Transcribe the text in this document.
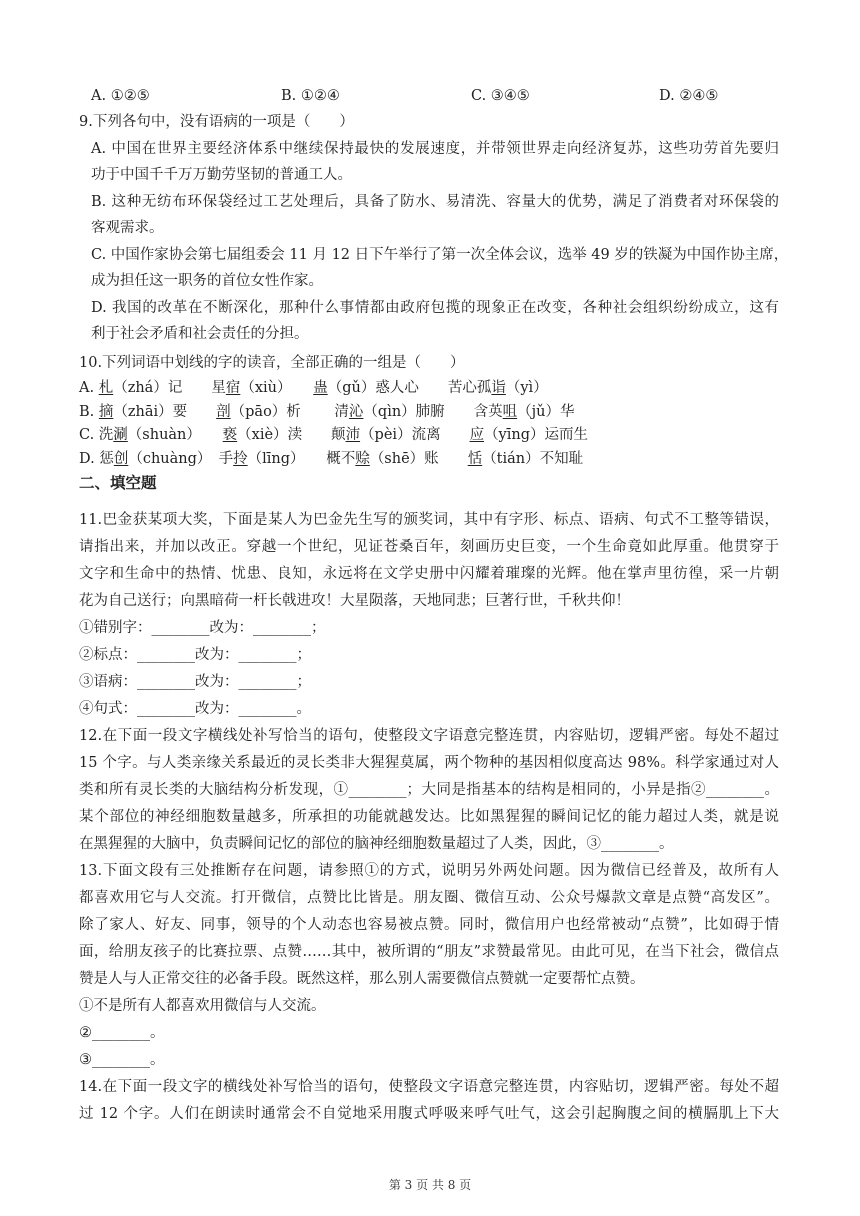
A. ①②⑤	B. ①②④	C. ③④⑤	D. ②④⑤
9.下列各句中，没有语病的一项是（　　）
A. 中国在世界主要经济体系中继续保持最快的发展速度，并带领世界走向经济复苏，这些功劳首先要归
功于中国千千万万勤劳坚韧的普通工人。
B. 这种无纺布环保袋经过工艺处理后，具备了防水、易清洗、容量大的优势，满足了消费者对环保袋的
客观需求。
C. 中国作家协会第七届组委会 11 月 12 日下午举行了第一次全体会议，选举 49 岁的铁凝为中国作协主席，
成为担任这一职务的首位女性作家。
D. 我国的改革在不断深化，那种什么事情都由政府包揽的现象正在改变，各种社会组织纷纷成立，这有
利于社会矛盾和社会责任的分担。
10.下列词语中划线的字的读音，全部正确的一组是（　　）
A. 札（zhá）记　　星宿（xiù）　　蛊（gǔ）惑人心　　苦心孤诣（yì）
B. 摘（zhāi）要　　剖（pāo）析　　 清沁（qìn）肺腑　　含英咀（jǔ）华
C. 洗涮（shuàn）　　亵（xiè）渎　　颠沛（pèi）流离　　应（yīng）运而生
D. 惩创（chuàng）　手拎（līng）　　概不赊（shē）账　　恬（tián）不知耻
二、填空题
11.巴金获某项大奖，下面是某人为巴金先生写的颁奖词，其中有字形、标点、语病、句式不工整等错误，
请指出来，并加以改正。穿越一个世纪，见证苍桑百年，刻画历史巨变，一个生命竟如此厚重。他贯穿于
文字和生命中的热情、忧患、良知，永远将在文学史册中闪耀着璀璨的光辉。他在掌声里彷徨，采一片朝
花为自己送行；向黑暗荷一杆长戟进攻！大星陨落，天地同悲；巨著行世，千秋共仰！
①错别字：________改为：________；
②标点：________改为：________；
③语病：________改为：________；
④句式：________改为：________。
12.在下面一段文字横线处补写恰当的语句，使整段文字语意完整连贯，内容贴切，逻辑严密。每处不超过
15 个字。与人类亲缘关系最近的灵长类非大猩猩莫属，两个物种的基因相似度高达 98%。科学家通过对人
类和所有灵长类的大脑结构分析发现，①________；大同是指基本的结构是相同的，小异是指②________。
某个部位的神经细胞数量越多，所承担的功能就越发达。比如黑猩猩的瞬间记忆的能力超过人类，就是说
在黑猩猩的大脑中，负责瞬间记忆的部位的脑神经细胞数量超过了人类，因此，③________。
13.下面文段有三处推断存在问题，请参照①的方式，说明另外两处问题。因为微信已经普及，故所有人
都喜欢用它与人交流。打开微信，点赞比比皆是。朋友圈、微信互动、公众号爆款文章是点赞“高发区”。
除了家人、好友、同事，领导的个人动态也容易被点赞。同时，微信用户也经常被动“点赞”，比如碍于情
面，给朋友孩子的比赛拉票、点赞……其中，被所谓的“朋友”求赞最常见。由此可见，在当下社会，微信点
赞是人与人正常交往的必备手段。既然这样，那么别人需要微信点赞就一定要帮忙点赞。
①不是所有人都喜欢用微信与人交流。
②________。
③________。
14.在下面一段文字的横线处补写恰当的语句，使整段文字语意完整连贯，内容贴切，逻辑严密。每处不超
过 12 个字。人们在朗读时通常会不自觉地采用腹式呼吸来呼气吐气，这会引起胸腹之间的横膈肌上下大
第 3 页 共 8 页
